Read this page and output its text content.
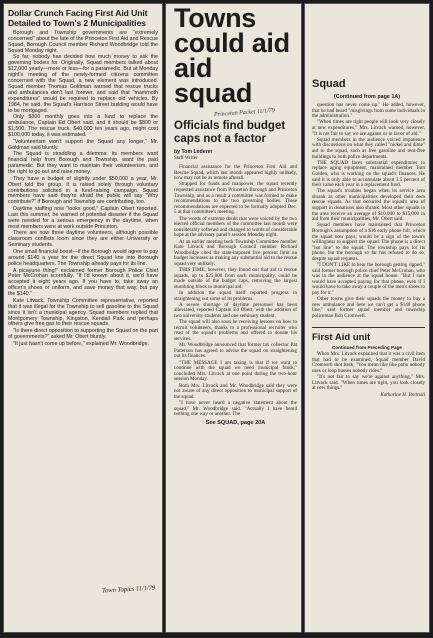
Dollar Crunch Facing First Aid Unit
Detailed to Town's 2 Municipalities

Borough and Township governments are "extremely concerned" about the fate of the Princeton First Aid and Rescue Squad, Borough Council member Richard Woodbridge told the Squad Monday night.

So far, nobody has decided how much money to ask the governing bodies for. Originally, Squad members talked about $12,000 yearly—more or less—for a paramedic. But at Monday night's meeting of the newly-formed citizens committee concerned with the Squad, a new element was introduced. Squad member Thomas Goldman warned that rescue trucks and ambulances don't last forever, and said that "mammoth expenditures" would be required to replace old vehicles. By 1984, he said, the Squad's Harrison Street building would have to be mortgaged.

Only $300 monthly goes into a fund to replace the ambulance, Captain Ed Obert said, and it should be $800 or $1,500. The rescue truck, $40,000 ten years ago, might cost $100,000 today, it was estimated.

"Volunteerism won't support the Squad any longer," Mr. Goldman said bluntly.

The Squad is straddling a dilemma: its members want financial help from Borough and Township, want the paid paramedic. But they want to maintain their volunteerism, and the right to go out and raise money.

They have a budget of slightly under $50,000 a year, Mr. Obert told the group. It is raised solely through voluntary contributions solicited in a fund-raising campaign. Squad members have said they're afraid the public will say "Why contribute?" if Borough and Township are contributing, too.

Daytime staffing now "looks good," Captain Obert reported. Last this summer, he warned of potential disaster if the Squad were needed for a serious emergency in the daytime, when most members were at work outside Princeton.

There are now three daytime volunteers, although possible classroom conflicts loom since they are either University or Seminary students.

One small financial boost—if the Borough would agree to pay around $140 a year for the direct Squad line into Borough police headquarters. The Township already pays for its line.

A picayune thing!" exclaimed former Borough Police Chief Peter McCrohan scornfully. "If I'd known about it, we'd have accepted it eight years ago. If you have to, take away an officer's shoes or uniform, and save money that way, but pay the $140."

Kate Litvack, Township Committee representative, reported that it was illegal for the Township to sell gasoline to the Squad since it isn't a municipal agency. Squad members replied that Montgomery Township, Kingston, Kendall Park and perhaps others give free gas to their rescue squads.

"Is there direct opposition to supporting the Squad on the part of governments?" asked Mr. Obert bluntly.

"It just hasn't come up before," explained Mr. Woodbridge.

Town Topics 11/1/79
Towns could aid aid squad
Princeton Packet 11/1/79
Officials find budget caps not a factor
by Tom Lederer
Staff Writer

Financial assistance for the Princeton First Aid and Rescue Squad, which last month appeared highly unlikely, now may not be as remote afterall.

Strapped for funds and manpower, the squad recently requested assistance from Princeton Borough and Princeton Township, and as a result a committee was formed to make recommendations to the two governing bodies. These recommendations are expected to be formally adopted Dec. 5 at that committee's meeting.

The words of extreme doubt that were voiced by the two elected official members of the committee last month were considerably softened and changed to words of considerable hope at the advisory panel's session Monday night.

At an earlier meeting both Township Committee member Kate Litvack and Borough Council member Richard Woodbridge cited the state-imposed five percent limit on budget increases as making any substantial aid to the rescue squad very unlikely.

THIS TIME, however, they found out that aid to rescue squads, up to $25,000 from each municipality, could be made outside of the budget caps, removing the largest stumbling block to municipal aid.

In addition the squad itself reported progress in straightening out some of its problems.

A severe shortage of daytime personnel has been alleviated, reported Captain Ed Obert, with the addition of two university students and one seminary student.

The squad will also soon be receiving lessons on how to recruit volunteers, thanks to a professional recruiter who read of the squad's problems and offered to donate his services.

Mr. Woodbridge announced that former tax collector Pat Patterson has agreed to advise the squad on straightening out its finances.

"THE MESSAGE I am taking is that if we want to continue with the squad we need municipal funds," concluded Mrs. Litvack at one point during the two-hour session Monday.

Both Mrs. Litvack and Mr. Woodbridge said they were not aware of any direct opposition to municipal support of the squad.

"I have never heard a negative statement about the squad," Mr. Woodbridge said. "Actually I have heard nothing one way or another. The

See SQUAD, page 20A
Squad
(Continued from page 1A)

question has never come up." He added, however, that he had heard "misgivings from some individuals in the administration."

"When times are tight people will look very closely at new expenditures," Mrs. Litvack warned, however, "It is not fair to say we are against or in favor of aid."

Squad members in the audience voiced impatience with discussions on what they called "nickel and dime" aid to the squad, such as free gasoline and rent-free buildings to both police departments.

THE SQUAD faces substantial expenditures to replace aging equipment, maintained member Tom Golden, who is working on the squad's finances. He said it is only able to accumulate about 3.5 percent of their value each year in a replacement fund.

The squad's troubles began when its service area shrank as other municipalities developed their own rescue squads. As that occurred the squad's area of support in donations also shrank. Most other squads in the area receive an average of $10,000 to $15,000 in aid from their municipalities, Mr. Obert said.

Squad members have maintained that Princeton Borough's assumption of a $16 early phone bill, which the squad now pays, would be a sign of the town's willingness to support the squad. The phone is a direct "hot line" to the squad. The township pays for its phone, but the borough so far has refused to do so, despite squad requests.

"I DON'T LIKE to hear the borough getting ripped," said former borough police chief Peter McCrohan, who was in the audience at the squad house. "But I sure would have accepted paying for that phone, even if I would have to take away a couple of the men's shoes to pay for it."

Other towns give their squads the money to buy a new ambulance and here we can't get a $140 phone line," said former squad member and township policeman Bob Cromwell.

First Aid unit
Continued from Preceding Page

When Mrs. Litvack explained that it was a civil item that had to be examined, Squad member David Cromwell shot back, "You mean like like patio nobody uses or loop busses nobody rides."

"It's not fair to say we're against anything," Mrs. Litvack said. "When times are tight, you look closely at new things."

Katharine H. Bretnall
